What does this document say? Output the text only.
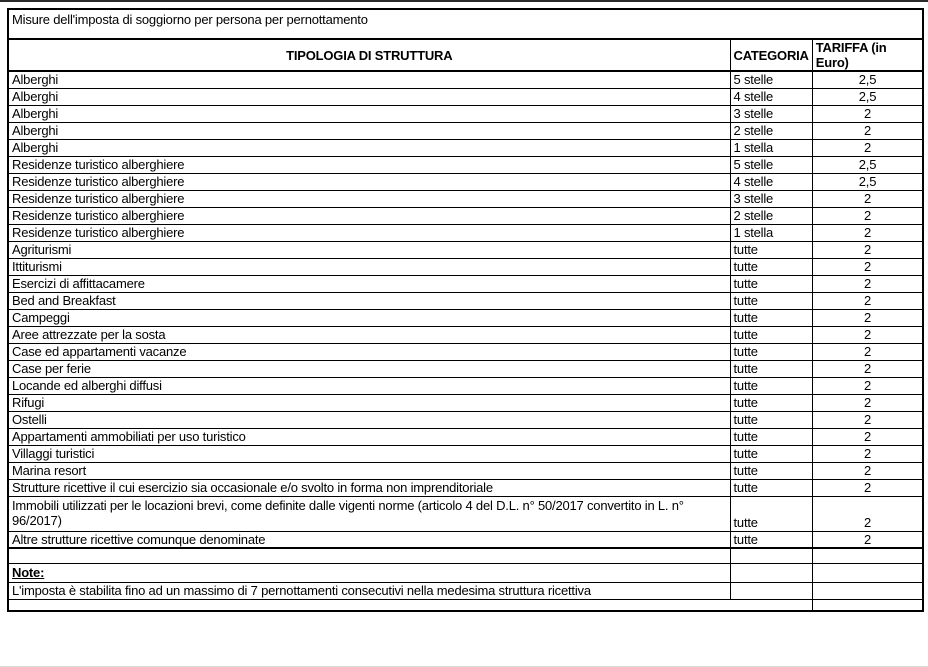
Misure dell'imposta di soggiorno per persona per pernottamento		
TIPOLOGIA DI STRUTTURA	CATEGORIA	TARIFFA (in Euro)
Alberghi	5 stelle	2,5
Alberghi	4 stelle	2,5
Alberghi	3 stelle	2
Alberghi	2 stelle	2
Alberghi	1 stella	2
Residenze turistico alberghiere	5 stelle	2,5
Residenze turistico alberghiere	4 stelle	2,5
Residenze turistico alberghiere	3 stelle	2
Residenze turistico alberghiere	2 stelle	2
Residenze turistico alberghiere	1 stella	2
Agriturismi	tutte	2
Ittiturismi	tutte	2
Esercizi di affittacamere	tutte	2
Bed and Breakfast	tutte	2
Campeggi	tutte	2
Aree attrezzate per la sosta	tutte	2
Case ed appartamenti vacanze	tutte	2
Case per ferie	tutte	2
Locande ed alberghi diffusi	tutte	2
Rifugi	tutte	2
Ostelli	tutte	2
Appartamenti ammobiliati per uso turistico	tutte	2
Villaggi turistici	tutte	2
Marina resort	tutte	2
Strutture ricettive il cui esercizio sia occasionale e/o svolto in forma non imprenditoriale	tutte	2
Immobili utilizzati per le locazioni brevi, come definite dalle vigenti norme (articolo 4 del D.L. n° 50/2017 convertito in L. n° 96/2017)	tutte	2
Altre strutture ricettive comunque denominate	tutte	2

Note:		
L'imposta è stabilita fino ad un massimo di 7 pernottamenti consecutivi nella medesima struttura ricettiva		
